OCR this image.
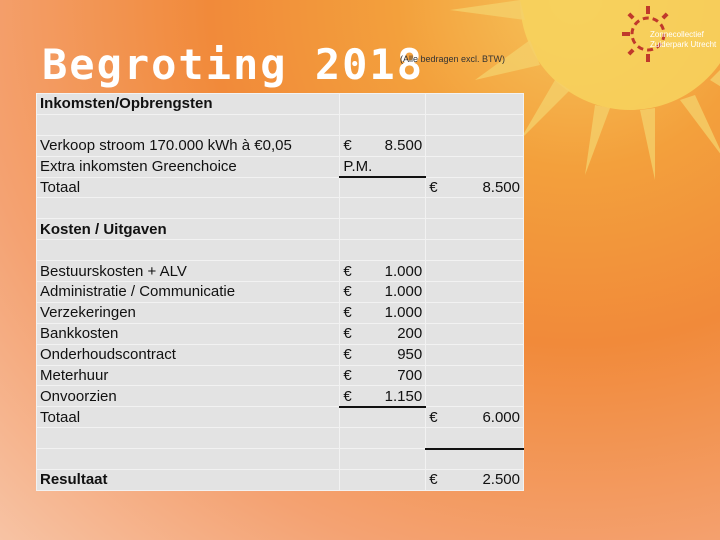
Begroting 2018
(Alle bedragen excl. BTW)
Zonnecollectief
Zuiderpark Utrecht
Inkomsten/Opbrengsten		

Verkoop stroom 170.000 kWh à €0,05	€ 8.500	

Extra inkomsten Greenchoice	P.M.	
Totaal		€ 8.500

Kosten / Uitgaven		

Bestuurskosten + ALV	€ 1.000	

Administratie / Communicatie	€ 1.000	

Verzekeringen	€ 1.000	

Bankkosten	€ 200	

Onderhoudscontract	€ 950	

Meterhuur	€ 700	

Onvoorzien	€ 1.150	

Totaal		€ 6.000

Resultaat		€ 2.500
